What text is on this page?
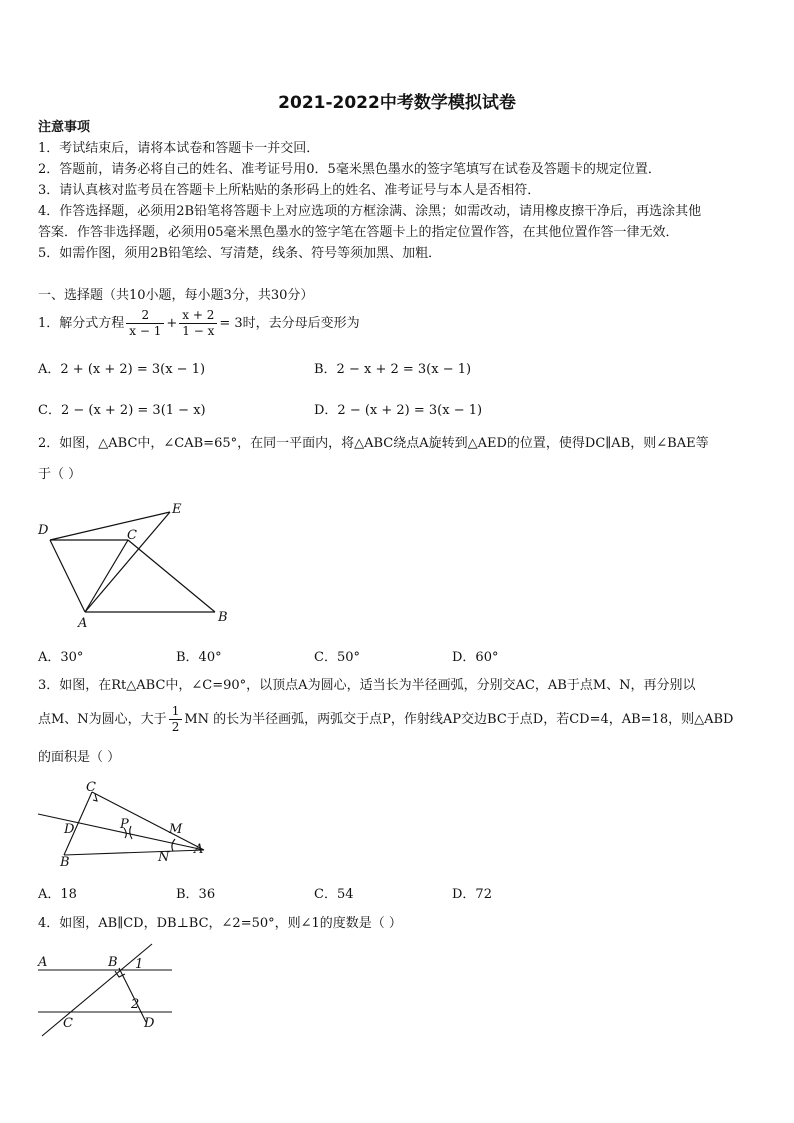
2021-2022中考数学模拟试卷
注意事项
1．考试结束后，请将本试卷和答题卡一并交回．
2．答题前，请务必将自己的姓名、准考证号用0．5毫米黑色墨水的签字笔填写在试卷及答题卡的规定位置．
3．请认真核对监考员在答题卡上所粘贴的条形码上的姓名、准考证号与本人是否相符．
4．作答选择题，必须用2B铅笔将答题卡上对应选项的方框涂满、涂黑；如需改动，请用橡皮擦干净后，再选涂其他
答案．作答非选择题，必须用05毫米黑色墨水的签字笔在答题卡上的指定位置作答，在其他位置作答一律无效．
5．如需作图，须用2B铅笔绘、写清楚，线条、符号等须加黑、加粗．
一、选择题（共10小题，每小题3分，共30分）
1．解分式方程 $\frac{2}{x - 1} + \frac{x + 2}{1 - x} = 3$时，去分母后变形为
A．2 + (x + 2) = 3(x − 1)	B．2 − x + 2 = 3(x − 1)
C．2 − (x + 2) = 3(1 − x)	D．2 − (x + 2) = 3(x − 1)
2．如图，△ABC中，∠CAB=65°，在同一平面内，将△ABC绕点A旋转到△AED的位置，使得DC∥AB，则∠BAE等
于（ ）
D	C
E
A	B
A．30°	B．40°	C．50°	D．60°
3．如图，在Rt△ABC中，∠C=90°，以顶点A为圆心，适当长为半径画弧，分别交AC，AB于点M、N，再分别以
点M、N为圆心，大于 $\frac{1}{2}$ MN 的长为半径画弧，两弧交于点P，作射线AP交边BC于点D，若CD=4，AB=18，则△ABD
的面积是（ ）
C
D
B
P	M
N
A
A．18	B．36	C．54	D．72
4．如图，AB∥CD，DB⊥BC，∠2=50°，则∠1的度数是（ ）
A	B 1
2
C	D
